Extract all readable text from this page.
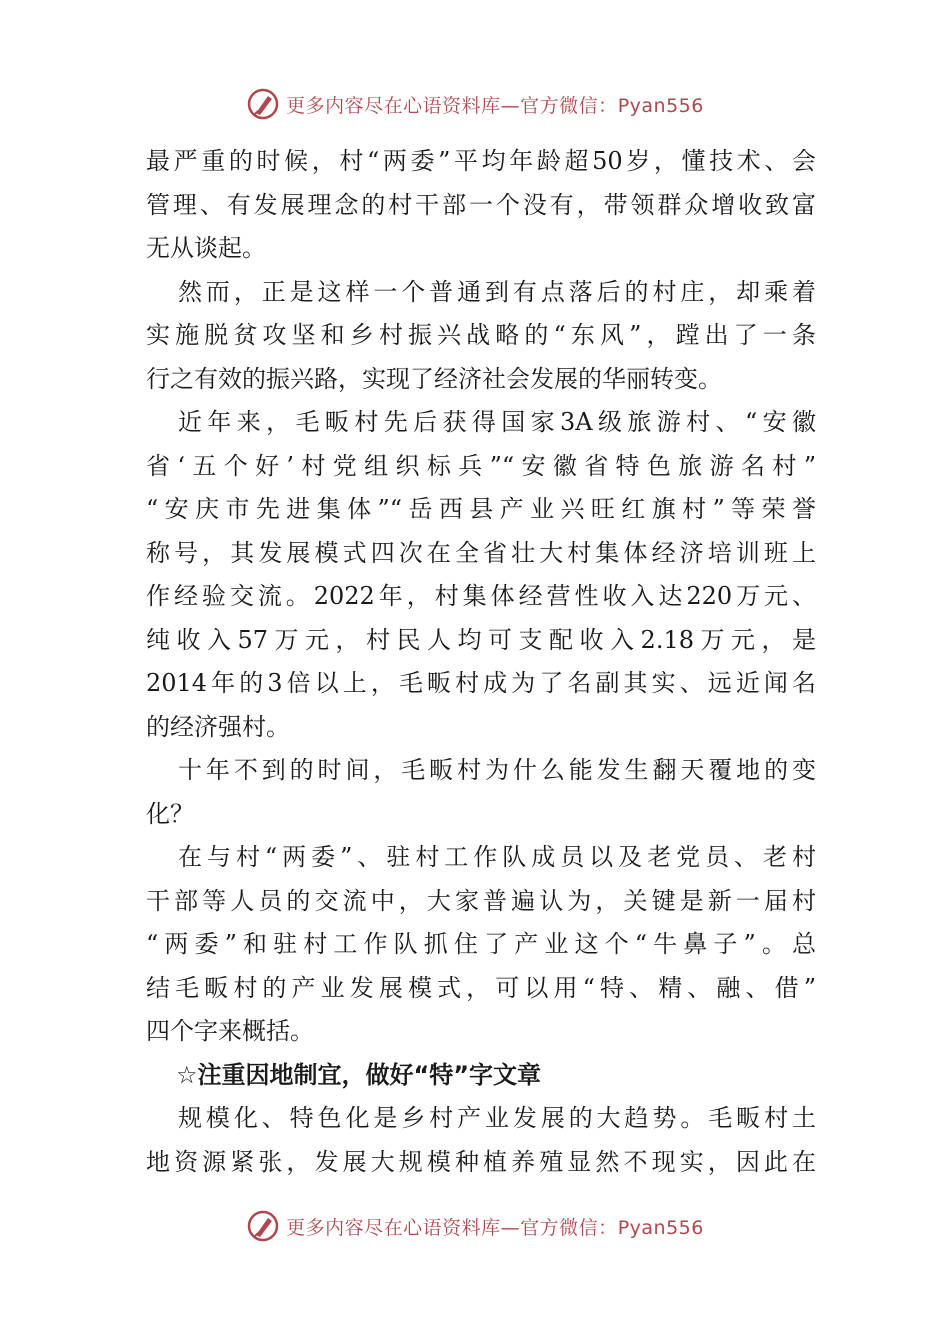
更多内容尽在心语资料库—官方微信：Pyan556
最严重的时候，村“两委”平均年龄超50岁，懂技术、会
管理、有发展理念的村干部一个没有，带领群众增收致富
无从谈起。
然而，正是这样一个普通到有点落后的村庄，却乘着
实施脱贫攻坚和乡村振兴战略的“东风”，蹚出了一条
行之有效的振兴路，实现了经济社会发展的华丽转变。
近年来，毛畈村先后获得国家3A级旅游村、“安徽
省‘五个好’村党组织标兵”“安徽省特色旅游名村”
“安庆市先进集体”“岳西县产业兴旺红旗村”等荣誉
称号，其发展模式四次在全省壮大村集体经济培训班上
作经验交流。2022年，村集体经营性收入达220万元、
纯收入57万元，村民人均可支配收入2.18万元，是
2014年的3倍以上，毛畈村成为了名副其实、远近闻名
的经济强村。
十年不到的时间，毛畈村为什么能发生翻天覆地的变
化？
在与村“两委”、驻村工作队成员以及老党员、老村
干部等人员的交流中，大家普遍认为，关键是新一届村
“两委”和驻村工作队抓住了产业这个“牛鼻子”。总
结毛畈村的产业发展模式，可以用“特、精、融、借”
四个字来概括。
☆注重因地制宜，做好“特”字文章
规模化、特色化是乡村产业发展的大趋势。毛畈村土
地资源紧张，发展大规模种植养殖显然不现实，因此在
更多内容尽在心语资料库—官方微信：Pyan556
